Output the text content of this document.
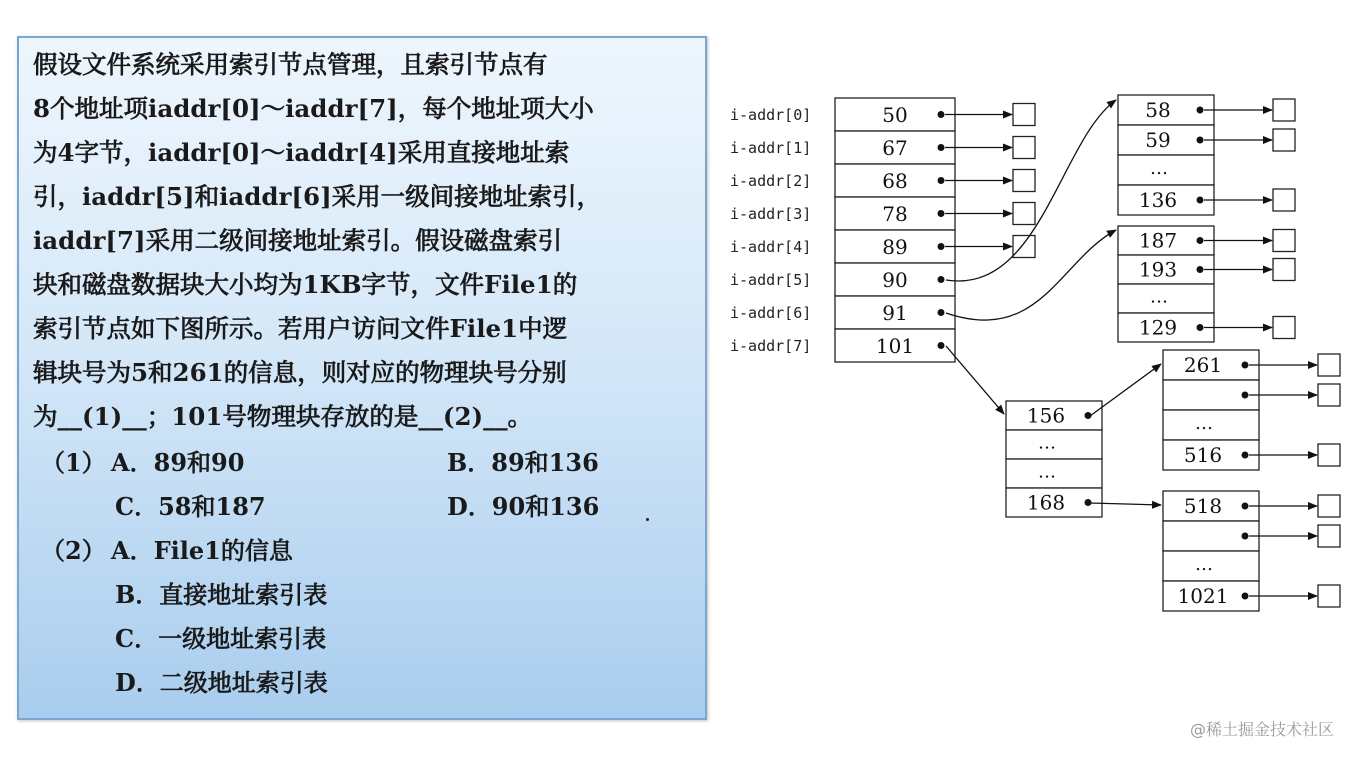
假设文件系统采用索引节点管理，且索引节点有
8个地址项iaddr[0]～iaddr[7]，每个地址项大小
为4字节，iaddr[0]～iaddr[4]采用直接地址索
引，iaddr[5]和iaddr[6]采用一级间接地址索引，
iaddr[7]采用二级间接地址索引。假设磁盘索引
块和磁盘数据块大小均为1KB字节，文件File1的
索引节点如下图所示。若用户访问文件File1中逻
辑块号为5和261的信息，则对应的物理块号分别
为__(1)__；101号物理块存放的是__(2)__。
（1） A．89和90	B．89和136
C．58和187	D．90和136
（2） A．File1的信息
B．直接地址索引表
C．一级地址索引表
D．二级地址索引表
i-addr[0]	50
i-addr[1]	67
i-addr[2]	68
i-addr[3]	78
i-addr[4]	89
i-addr[5]	90
i-addr[6]	91
i-addr[7]	101
58
59
…
136
187
193
…
129
156
…
…
168
261
…
516
518
…
1021
@稀土掘金技术社区
